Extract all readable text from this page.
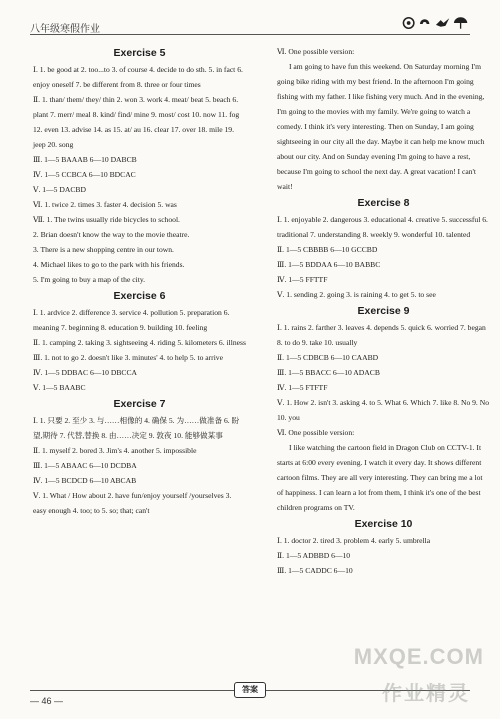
八年级寒假作业

Exercise 5

Ⅰ. 1. be good at 2. too...to 3. of course 4. decide to do sth. 5. in fact 6. enjoy oneself 7. be different from 8. three or four times

Ⅱ. 1. than/ them/ they/ thin 2. won 3. work 4. meat/ beat 5. beach 6. plant 7. merr/ meal 8. kind/ find/ mine 9. most/ cost 10. now 11. fog 12. even 13. advise 14. as 15. at/ au 16. clear 17. over 18. mile 19. jeep 20. song

Ⅲ. 1—5 BAAAB 6—10 DABCB

Ⅳ. 1—5 CCBCA 6—10 BDCAC

Ⅴ. 1—5 DACBD

Ⅵ. 1. twice 2. times 3. faster 4. decision 5. was

Ⅶ. 1. The twins usually ride bicycles to school.

2. Brian doesn't know the way to the movie theatre.

3. There is a new shopping centre in our town.

4. Michael likes to go to the park with his friends.

5. I'm going to buy a map of the city.

Exercise 6

Ⅰ. 1. ardvice 2. difference 3. service 4. pollution 5. preparation 6. meaning 7. beginning 8. education 9. building 10. feeling

Ⅱ. 1. camping 2. taking 3. sightseeing 4. riding 5. kilometers 6. illness

Ⅲ. 1. not to go 2. doesn't like 3. minutes' 4. to help 5. to arrive

Ⅳ. 1—5 DDBAC 6—10 DBCCA

Ⅴ. 1—5 BAABC

Exercise 7

Ⅰ. 1. 只要 2. 至少 3. 与……相像的 4. 确保 5. 为……做准备 6. 盼望,期待 7. 代替,替换 8. 由……决定 9. 敦夜 10. 能够做某事

Ⅱ. 1. myself 2. bored 3. Jim's 4. another 5. impossible

Ⅲ. 1—5 ABAAC 6—10 DCDBA

Ⅳ. 1—5 BCDCD 6—10 ABCAB

Ⅴ. 1. What / How about 2. have fun/enjoy yourself /yourselves 3. easy enough 4. too; to 5. so; that; can't

Ⅵ. One possible version:

I am going to have fun this weekend. On Saturday morning I'm going bike riding with my best friend. In the afternoon I'm going fishing with my father. I like fishing very much. And in the evening, I'm going to the movies with my family. We're going to watch a comedy. I think it's very interesting. Then on Sunday, I am going sightseeing in our city all the day. Maybe it can help me know much about our city. And on Sunday evening I'm going to have a rest, because I'm going to school the next day. A great vacation! I can't wait!

Exercise 8

Ⅰ. 1. enjoyable 2. dangerous 3. educational 4. creative 5. successful 6. traditional 7. understanding 8. weekly 9. wonderful 10. talented

Ⅱ. 1—5 CBBBB 6—10 GCCBD

Ⅲ. 1—5 BDDAA 6—10 BABBC

Ⅳ. 1—5 FFTTF

Ⅴ. 1. sending 2. going 3. is raining 4. to get 5. to see

Exercise 9

Ⅰ. 1. rains 2. farther 3. leaves 4. depends 5. quick 6. worried 7. began 8. to do 9. take 10. usually

Ⅱ. 1—5 CDBCB 6—10 CAABD

Ⅲ. 1—5 BBACC 6—10 ADACB

Ⅳ. 1—5 FTFTF

Ⅴ. 1. How 2. isn't 3. asking 4. to 5. What 6. Which 7. like 8. No 9. No 10. you

Ⅵ. One possible version:

I like watching the cartoon field in Dragon Club on CCTV-1. It starts at 6:00 every evening. I watch it every day. It shows different cartoon films. They are all very interesting. They can bring me a lot of happiness. I can learn a lot from them, I think it's one of the best children programs on TV.

Exercise 10

Ⅰ. 1. doctor 2. tired 3. problem 4. early 5. umbrella

Ⅱ. 1—5 ADBBD 6—10

Ⅲ. 1—5 CADDC 6—10

— 46 —
答案
MXQE.COM
作业精灵
